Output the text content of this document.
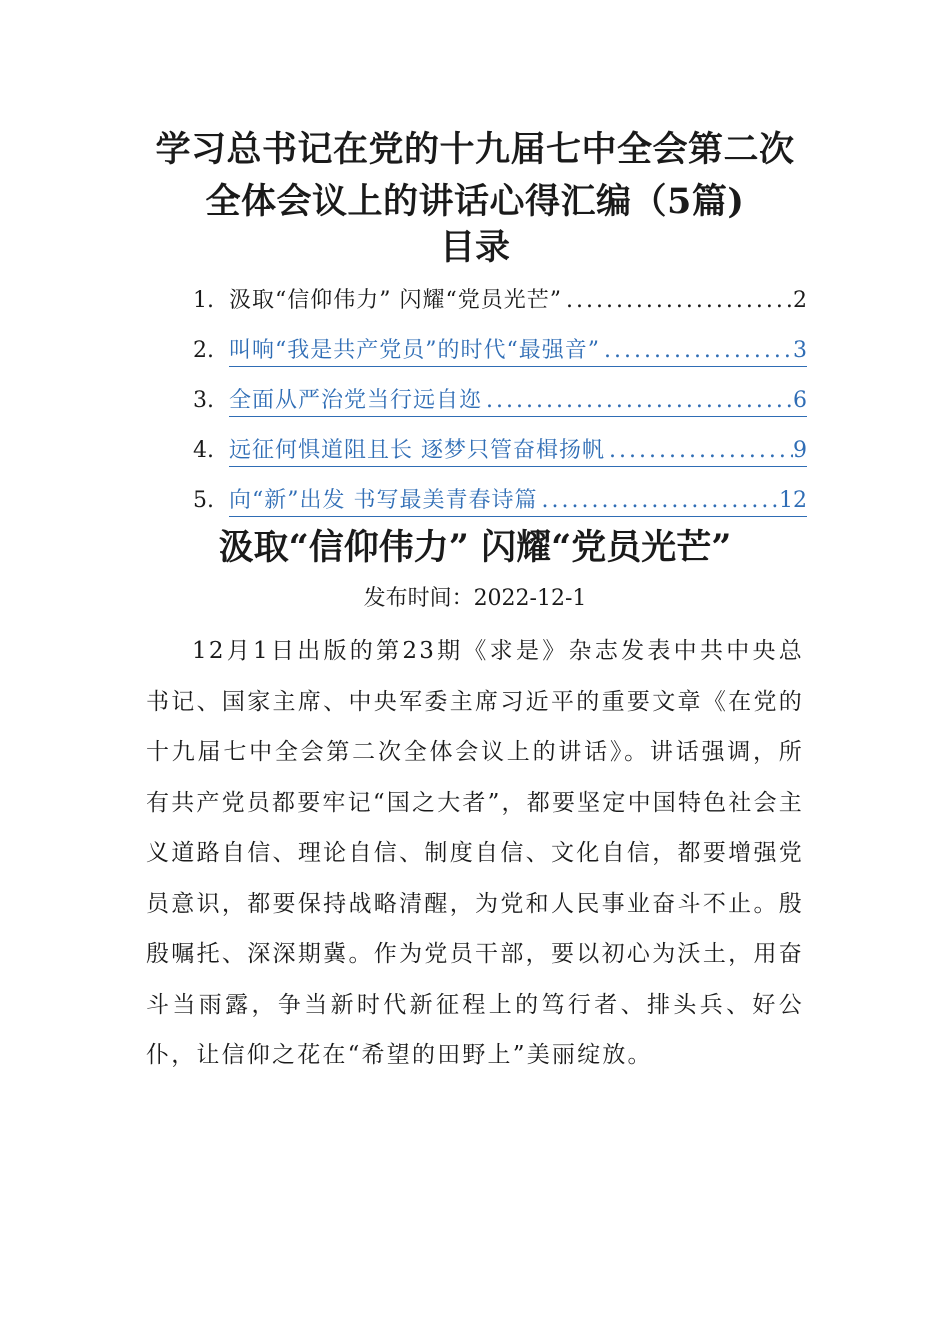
学习总书记在党的十九届七中全会第二次
全体会议上的讲话心得汇编（5篇)
目录
1. 汲取“信仰伟力” 闪耀“党员光芒” .....	2
2. 叫响“我是共产党员”的时代“最强音” .....	3
3. 全面从严治党当行远自迩 .....	6
4. 远征何惧道阻且长 逐梦只管奋楫扬帆 .....	9
5. 向“新”出发 书写最美青春诗篇 .....	12
汲取“信仰伟力” 闪耀“党员光芒”

发布时间：2022-12-1

12月1日出版的第23期《求是》杂志发表中共中央总书记、国家主席、中央军委主席习近平的重要文章《在党的十九届七中全会第二次全体会议上的讲话》。讲话强调，所有共产党员都要牢记“国之大者”，都要坚定中国特色社会主义道路自信、理论自信、制度自信、文化自信，都要增强党员意识，都要保持战略清醒，为党和人民事业奋斗不止。殷殷嘱托、深深期冀。作为党员干部，要以初心为沃土，用奋斗当雨露，争当新时代新征程上的笃行者、排头兵、好公仆，让信仰之花在“希望的田野上”美丽绽放。
